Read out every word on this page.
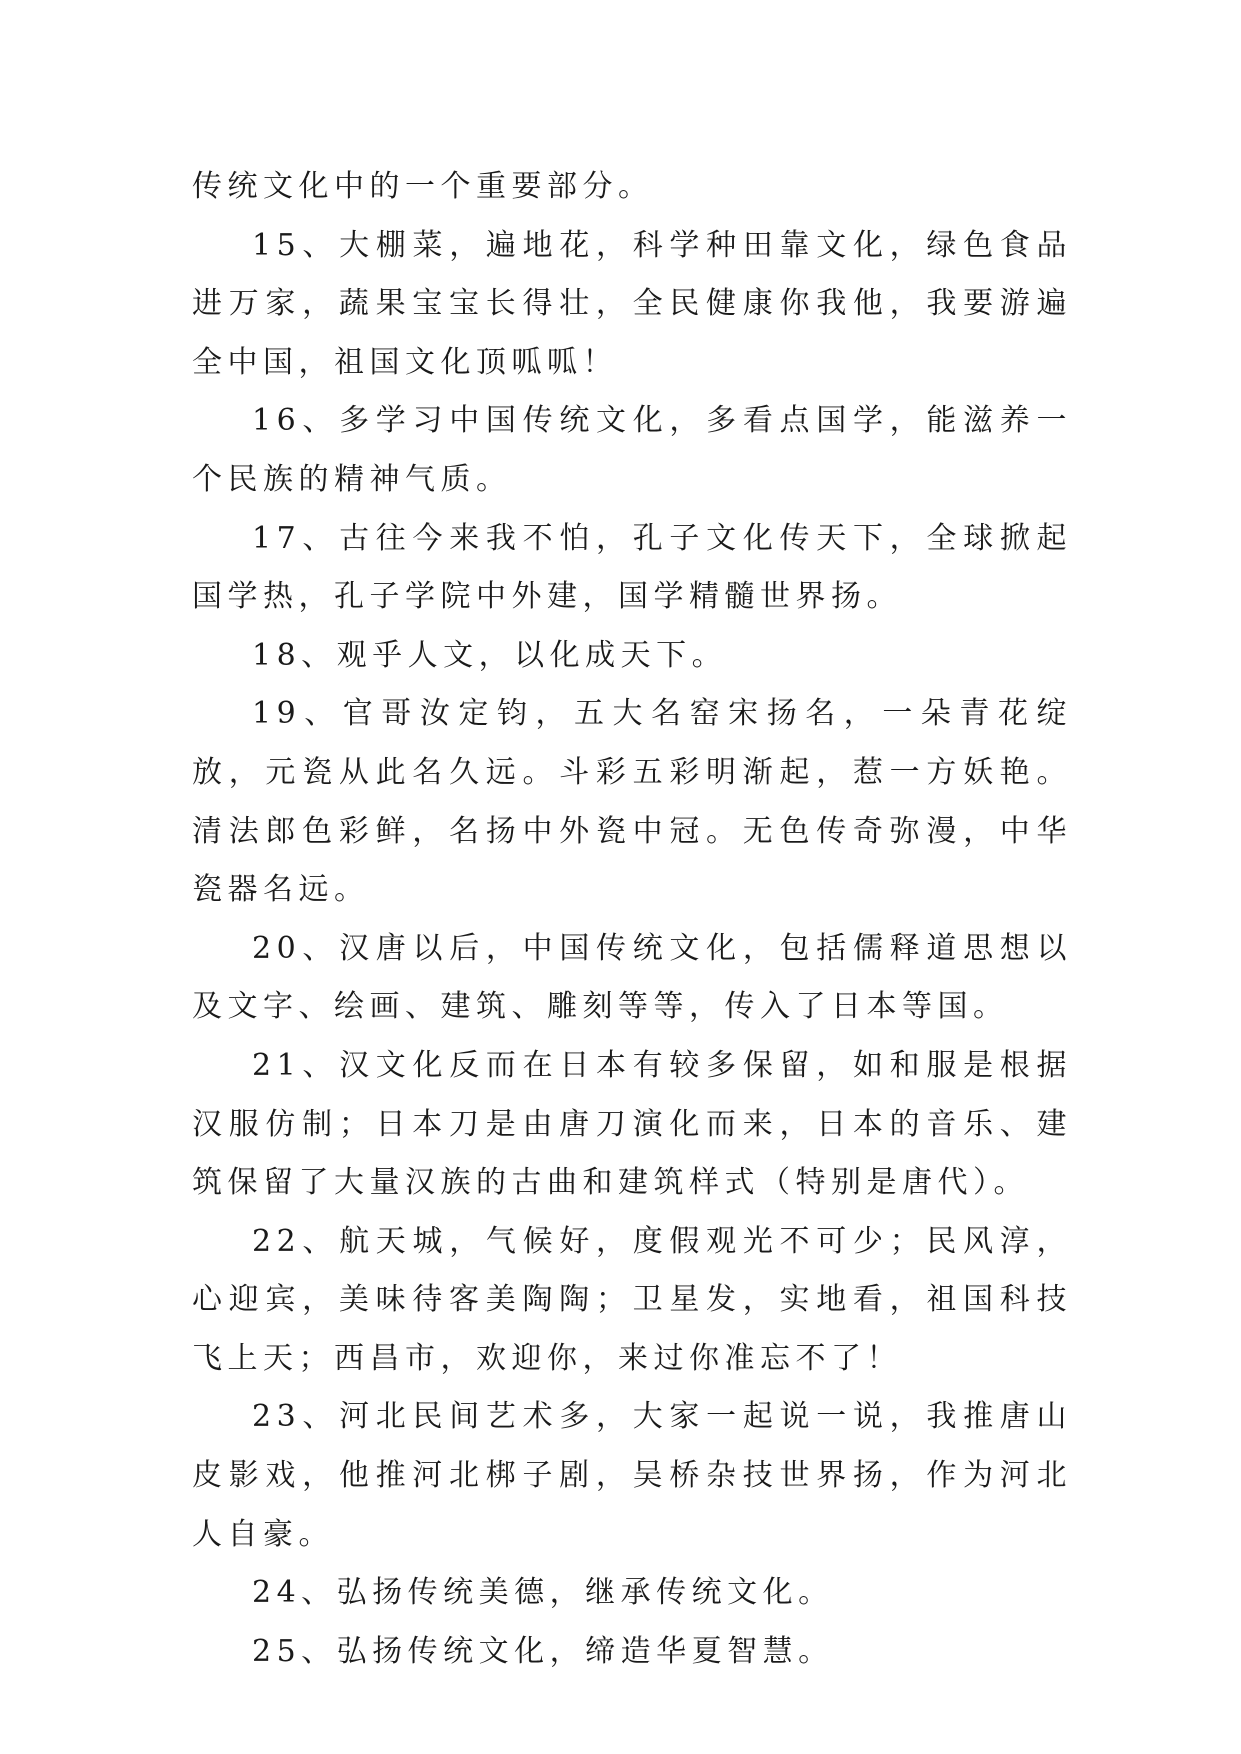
传统文化中的一个重要部分。

15、大棚菜，遍地花，科学种田靠文化，绿色食品进万家，蔬果宝宝长得壮，全民健康你我他，我要游遍全中国，祖国文化顶呱呱！

16、多学习中国传统文化，多看点国学，能滋养一个民族的精神气质。

17、古往今来我不怕，孔子文化传天下，全球掀起国学热，孔子学院中外建，国学精髓世界扬。

18、观乎人文，以化成天下。

19、官哥汝定钧，五大名窑宋扬名，一朵青花绽放，元瓷从此名久远。斗彩五彩明渐起，惹一方妖艳。清法郎色彩鲜，名扬中外瓷中冠。无色传奇弥漫，中华瓷器名远。

20、汉唐以后，中国传统文化，包括儒释道思想以及文字、绘画、建筑、雕刻等等，传入了日本等国。

21、汉文化反而在日本有较多保留，如和服是根据汉服仿制；日本刀是由唐刀演化而来，日本的音乐、建筑保留了大量汉族的古曲和建筑样式（特别是唐代）。

22、航天城，气候好，度假观光不可少；民风淳，心迎宾，美味待客美陶陶；卫星发，实地看，祖国科技飞上天；西昌市，欢迎你，来过你准忘不了！

23、河北民间艺术多，大家一起说一说，我推唐山皮影戏，他推河北梆子剧，吴桥杂技世界扬，作为河北人自豪。

24、弘扬传统美德，继承传统文化。

25、弘扬传统文化，缔造华夏智慧。
